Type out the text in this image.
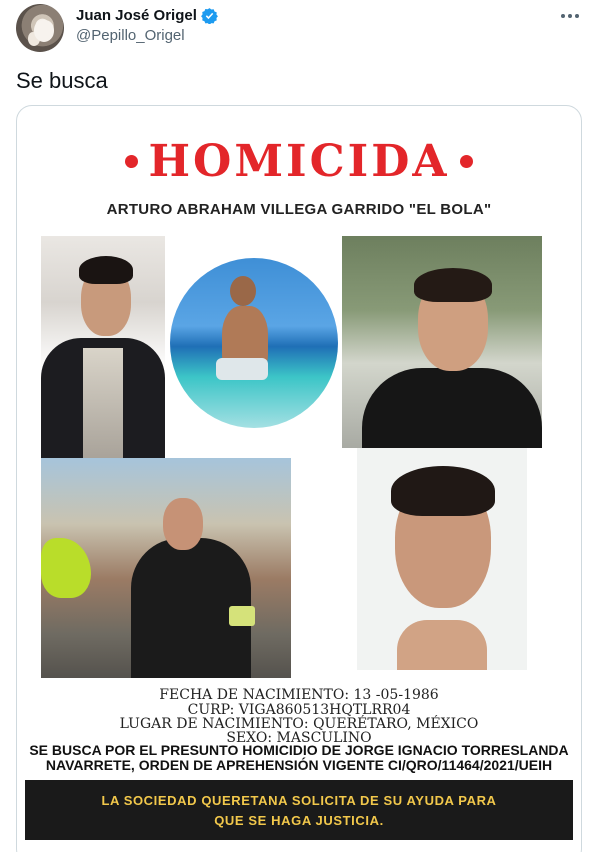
Juan José Origel
@Pepillo_Origel
Se busca
HOMICIDA
ARTURO ABRAHAM VILLEGA GARRIDO "EL BOLA"
FECHA DE NACIMIENTO: 13 -05-1986
CURP: VIGA860513HQTLRR04
LUGAR DE NACIMIENTO: QUERÉTARO, MÉXICO
SEXO: MASCULINO
SE BUSCA POR EL PRESUNTO HOMICIDIO DE JORGE IGNACIO TORRESLANDA
NAVARRETE, ORDEN DE APREHENSIÓN VIGENTE CI/QRO/11464/2021/UEIH
LA SOCIEDAD QUERETANA SOLICITA DE SU AYUDA PARA
QUE SE HAGA JUSTICIA.
